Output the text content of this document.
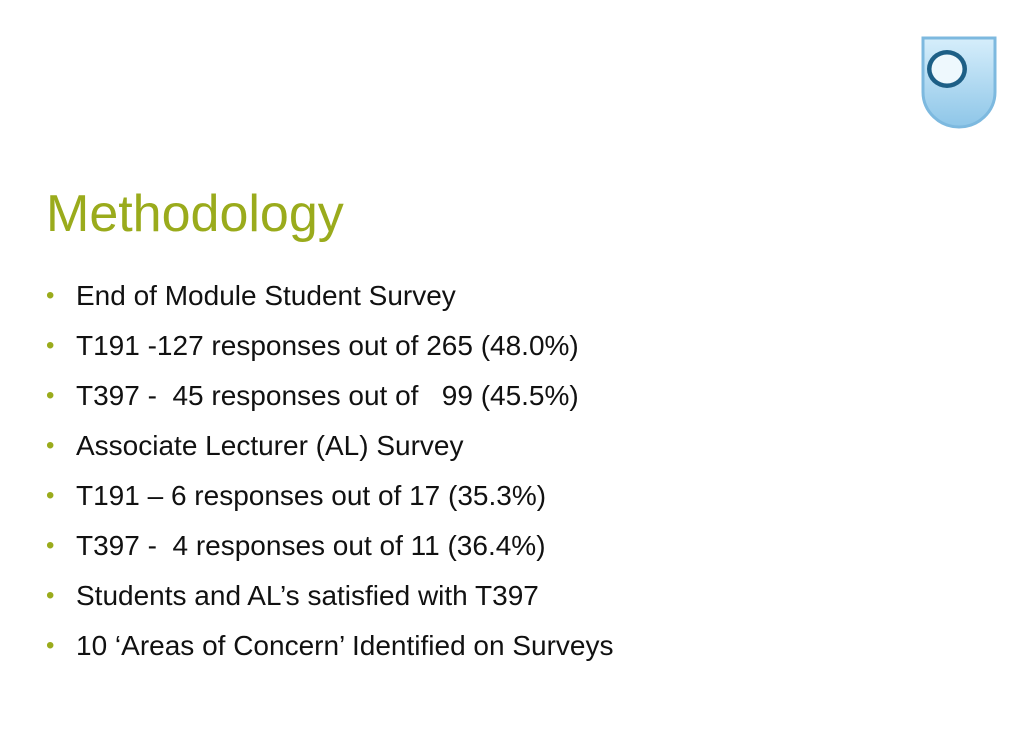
Methodology
• End of Module Student Survey
• T191 -127 responses out of 265 (48.0%)
• T397 -  45 responses out of   99 (45.5%)
• Associate Lecturer (AL) Survey
• T191 – 6 responses out of 17 (35.3%)
• T397 -  4 responses out of 11 (36.4%)
• Students and AL’s satisfied with T397
• 10 ‘Areas of Concern’ Identified on Surveys
